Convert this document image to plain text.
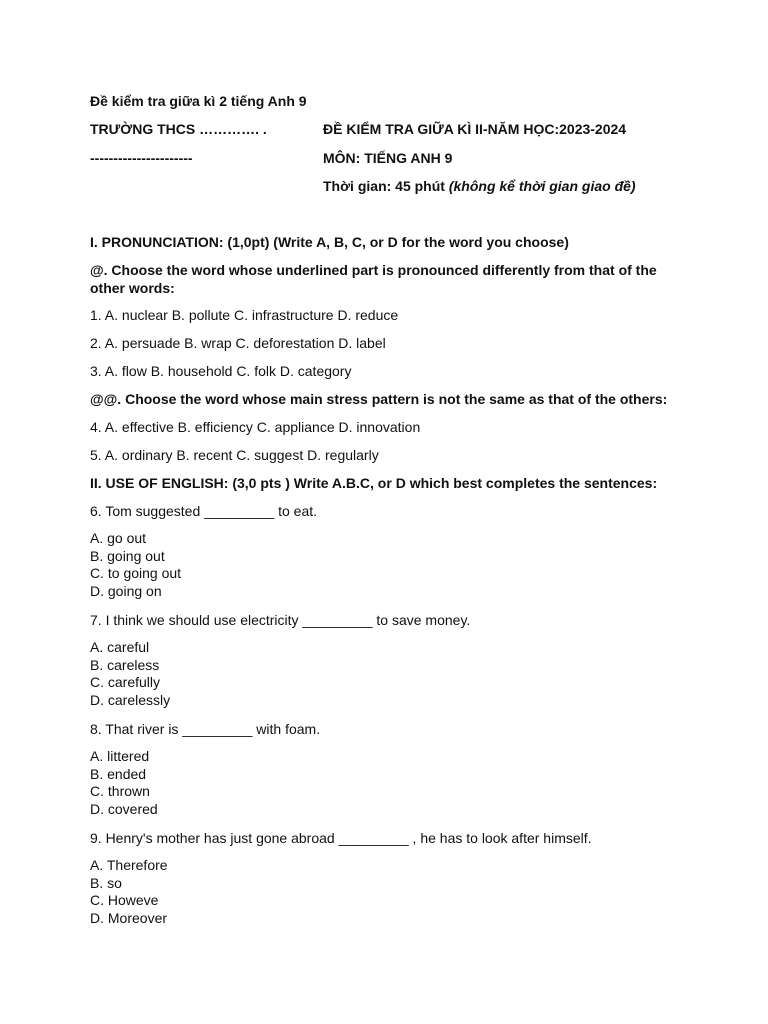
Đề kiểm tra giữa kì 2 tiếng Anh 9
TRƯỜNG THCS …………. .	ĐỀ KIỂM TRA GIỮA KÌ II-NĂM HỌC:2023-2024
----------------------	MÔN: TIẾNG ANH 9
Thời gian: 45 phút (không kể thời gian giao đề)
I. PRONUNCIATION: (1,0pt) (Write A, B, C, or D for the word you choose)
@. Choose the word whose underlined part is pronounced differently from that of the other words:
1. A. nuclear B. pollute C. infrastructure D. reduce
2. A. persuade B. wrap C. deforestation D. label
3. A. flow B. household C. folk D. category
@@. Choose the word whose main stress pattern is not the same as that of the others:
4. A. effective B. efficiency C. appliance D. innovation
5. A. ordinary B. recent C. suggest D. regularly
II. USE OF ENGLISH: (3,0 pts ) Write A.B.C, or D which best completes the sentences:
6. Tom suggested _________ to eat.
A. go out
B. going out
C. to going out
D. going on
7. I think we should use electricity _________ to save money.
A. careful
B. careless
C. carefully
D. carelessly
8. That river is _________ with foam.
A. littered
B. ended
C. thrown
D. covered
9. Henry's mother has just gone abroad _________ , he has to look after himself.
A. Therefore
B. so
C. Howeve
D. Moreover
